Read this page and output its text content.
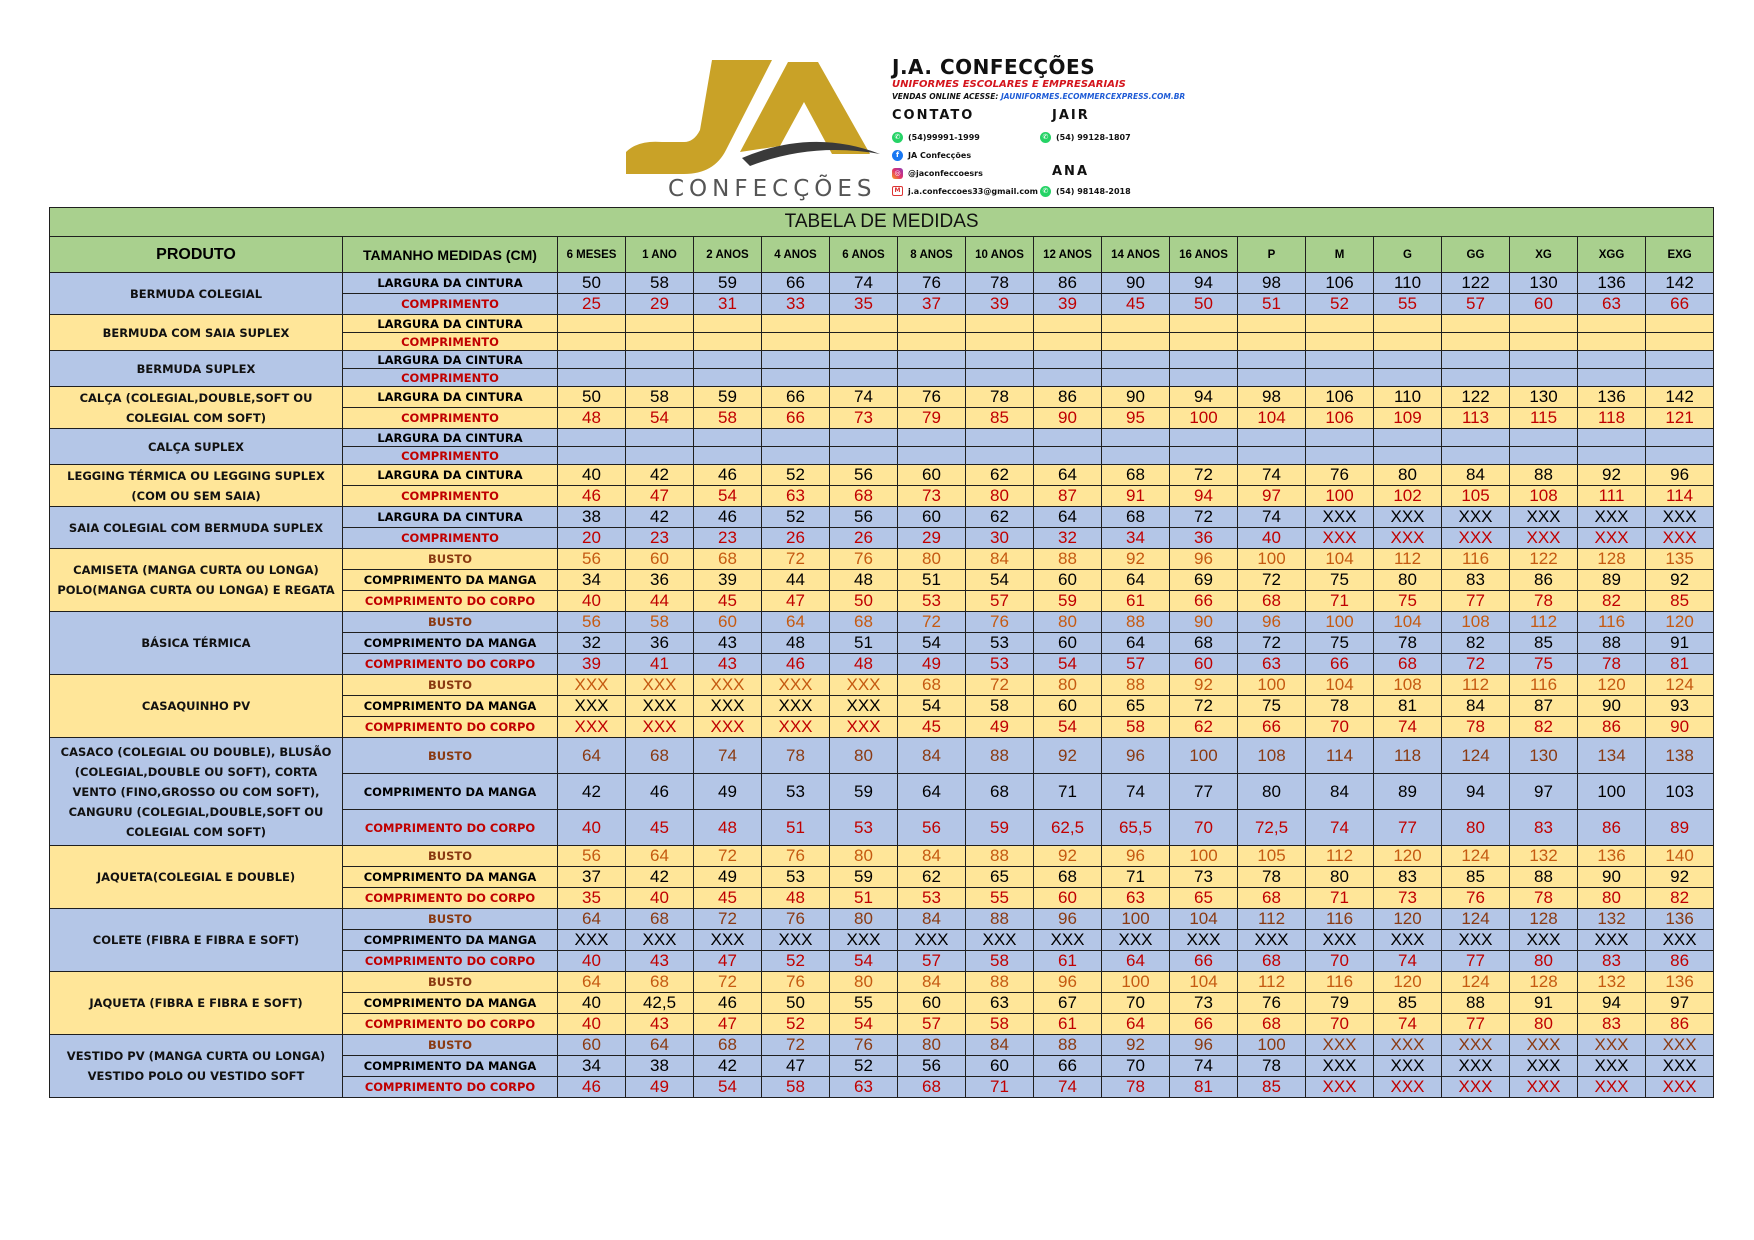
CONFECÇÕES
J.A. CONFECÇÕES
UNIFORMES ESCOLARES E EMPRESARIAIS
VENDAS ONLINE ACESSE: JAUNIFORMES.ECOMMERCEXPRESS.COM.BR
CONTATO	JAIR
✆ (54)99991-1999	✆ (54) 99128-1807
f	JA Confecções
ANA
◎ @jaconfeccoesrs
M j.a.confeccoes33@gmail.com ✆ (54) 98148-2018
TABELA DE MEDIDAS																		
PRODUTO	TAMANHO MEDIDAS (CM)	6 MESES	1 ANO	2 ANOS	4 ANOS	6 ANOS	8 ANOS	10 ANOS	12 ANOS	14 ANOS	16 ANOS	P	M	G	GG	XG	XGG	EXG
BERMUDA COLEGIAL	LARGURA DA CINTURA	50	58	59	66	74	76	78	86	90	94	98	106	110	122	130	136	142
	COMPRIMENTO	25	29	31	33	35	37	39	39	45	50	51	52	55	57	60	63	66
BERMUDA COM SAIA SUPLEX	LARGURA DA CINTURA																	
	COMPRIMENTO																	
BERMUDA SUPLEX	LARGURA DA CINTURA																	
	COMPRIMENTO																	
CALÇA (COLEGIAL,DOUBLE,SOFT OU COLEGIAL COM SOFT)	LARGURA DA CINTURA	50	58	59	66	74	76	78	86	90	94	98	106	110	122	130	136	142
	COMPRIMENTO	48	54	58	66	73	79	85	90	95	100	104	106	109	113	115	118	121
CALÇA SUPLEX	LARGURA DA CINTURA																	
	COMPRIMENTO																	
LEGGING TÉRMICA OU LEGGING SUPLEX (COM OU SEM SAIA)	LARGURA DA CINTURA	40	42	46	52	56	60	62	64	68	72	74	76	80	84	88	92	96
	COMPRIMENTO	46	47	54	63	68	73	80	87	91	94	97	100	102	105	108	111	114
SAIA COLEGIAL COM BERMUDA SUPLEX	LARGURA DA CINTURA	38	42	46	52	56	60	62	64	68	72	74	XXX	XXX	XXX	XXX	XXX	XXX
	COMPRIMENTO	20	23	23	26	26	29	30	32	34	36	40	XXX	XXX	XXX	XXX	XXX	XXX
CAMISETA (MANGA CURTA OU LONGA) POLO(MANGA CURTA OU LONGA) E REGATA	BUSTO	56	60	68	72	76	80	84	88	92	96	100	104	112	116	122	128	135
	COMPRIMENTO DA MANGA	34	36	39	44	48	51	54	60	64	69	72	75	80	83	86	89	92
	COMPRIMENTO DO CORPO	40	44	45	47	50	53	57	59	61	66	68	71	75	77	78	82	85
BÁSICA TÉRMICA	BUSTO	56	58	60	64	68	72	76	80	88	90	96	100	104	108	112	116	120
	COMPRIMENTO DA MANGA	32	36	43	48	51	54	53	60	64	68	72	75	78	82	85	88	91
	COMPRIMENTO DO CORPO	39	41	43	46	48	49	53	54	57	60	63	66	68	72	75	78	81
CASAQUINHO PV	BUSTO	XXX	XXX	XXX	XXX	XXX	68	72	80	88	92	100	104	108	112	116	120	124
	COMPRIMENTO DA MANGA	XXX	XXX	XXX	XXX	XXX	54	58	60	65	72	75	78	81	84	87	90	93
	COMPRIMENTO DO CORPO	XXX	XXX	XXX	XXX	XXX	45	49	54	58	62	66	70	74	78	82	86	90
CASACO (COLEGIAL OU DOUBLE), BLUSÃO (COLEGIAL,DOUBLE OU SOFT), CORTA VENTO (FINO,GROSSO OU COM SOFT), CANGURU (COLEGIAL,DOUBLE,SOFT OU COLEGIAL COM SOFT)	BUSTO	64	68	74	78	80	84	88	92	96	100	108	114	118	124	130	134	138
	COMPRIMENTO DA MANGA	42	46	49	53	59	64	68	71	74	77	80	84	89	94	97	100	103
	COMPRIMENTO DO CORPO	40	45	48	51	53	56	59	62,5	65,5	70	72,5	74	77	80	83	86	89
JAQUETA(COLEGIAL E DOUBLE)	BUSTO	56	64	72	76	80	84	88	92	96	100	105	112	120	124	132	136	140
	COMPRIMENTO DA MANGA	37	42	49	53	59	62	65	68	71	73	78	80	83	85	88	90	92
	COMPRIMENTO DO CORPO	35	40	45	48	51	53	55	60	63	65	68	71	73	76	78	80	82
COLETE (FIBRA E FIBRA E SOFT)	BUSTO	64	68	72	76	80	84	88	96	100	104	112	116	120	124	128	132	136
	COMPRIMENTO DA MANGA	XXX	XXX	XXX	XXX	XXX	XXX	XXX	XXX	XXX	XXX	XXX	XXX	XXX	XXX	XXX	XXX	XXX
	COMPRIMENTO DO CORPO	40	43	47	52	54	57	58	61	64	66	68	70	74	77	80	83	86
JAQUETA (FIBRA E FIBRA E SOFT)	BUSTO	64	68	72	76	80	84	88	96	100	104	112	116	120	124	128	132	136
	COMPRIMENTO DA MANGA	40	42,5	46	50	55	60	63	67	70	73	76	79	85	88	91	94	97
	COMPRIMENTO DO CORPO	40	43	47	52	54	57	58	61	64	66	68	70	74	77	80	83	86
VESTIDO PV (MANGA CURTA OU LONGA) VESTIDO POLO OU VESTIDO SOFT	BUSTO	60	64	68	72	76	80	84	88	92	96	100	XXX	XXX	XXX	XXX	XXX	XXX
	COMPRIMENTO DA MANGA	34	38	42	47	52	56	60	66	70	74	78	XXX	XXX	XXX	XXX	XXX	XXX
	COMPRIMENTO DO CORPO	46	49	54	58	63	68	71	74	78	81	85	XXX	XXX	XXX	XXX	XXX	XXX
